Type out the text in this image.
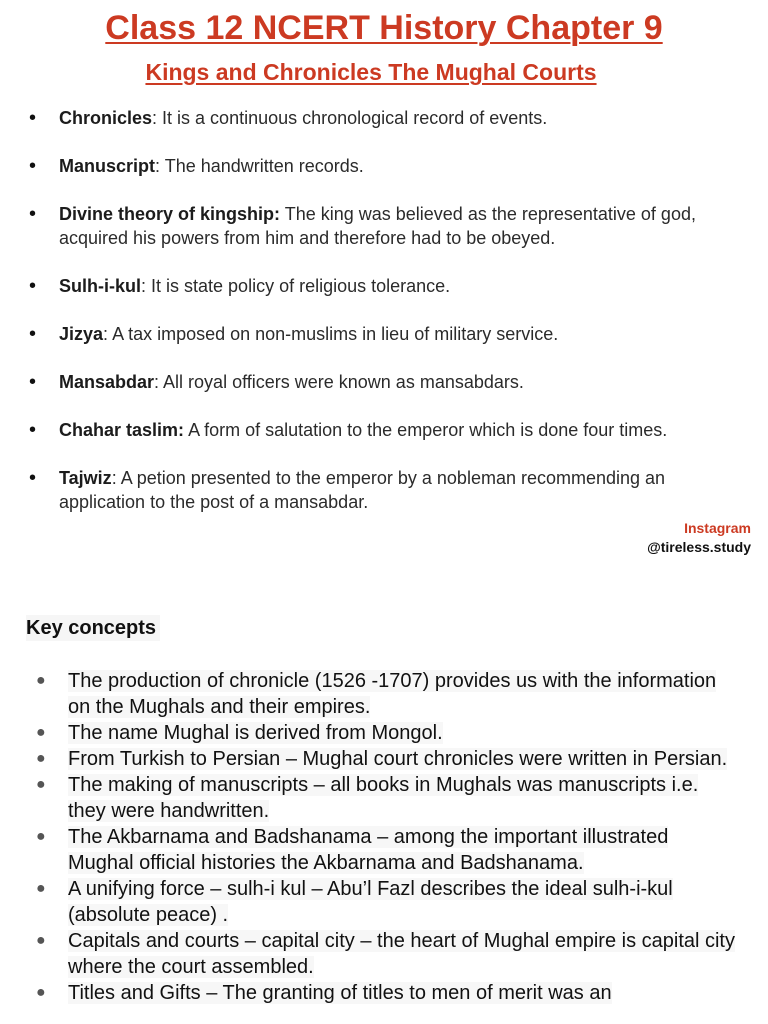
Class 12 NCERT History Chapter 9
Kings and Chronicles The Mughal Courts
• Chronicles: It is a continuous chronological record of events.
• Manuscript: The handwritten records.
• Divine theory of kingship: The king was believed as the representative of god, acquired his powers from him and therefore had to be obeyed.
• Sulh-i-kul: It is state policy of religious tolerance.
• Jizya: A tax imposed on non-muslims in lieu of military service.
• Mansabdar: All royal officers were known as mansabdars.
• Chahar taslim: A form of salutation to the emperor which is done four times.
• Tajwiz: A petion presented to the emperor by a nobleman recommending an application to the post of a mansabdar.
Instagram
@tireless.study
Key concepts
● The production of chronicle (1526 -1707) provides us with the information on the Mughals and their empires.
● The name Mughal is derived from Mongol.
● From Turkish to Persian – Mughal court chronicles were written in Persian.
● The making of manuscripts – all books in Mughals was manuscripts i.e. they were handwritten.
● The Akbarnama and Badshanama – among the important illustrated Mughal official histories the Akbarnama and Badshanama.
● A unifying force – sulh-i kul – Abu’l Fazl describes the ideal sulh-i-kul (absolute peace) .
● Capitals and courts – capital city – the heart of Mughal empire is capital city where the court assembled.
● Titles and Gifts – The granting of titles to men of merit was an
